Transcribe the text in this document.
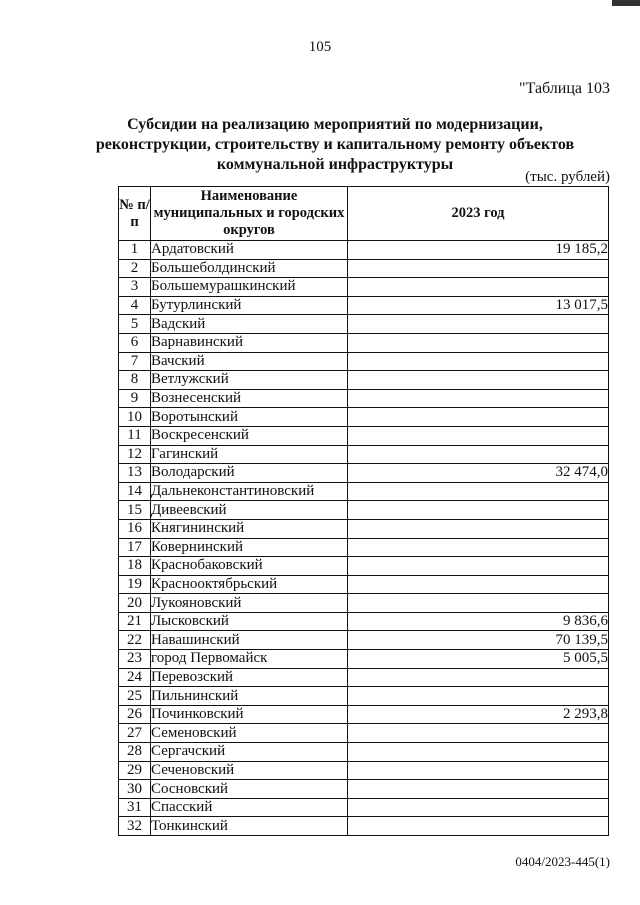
105
"Таблица 103
Субсидии на реализацию мероприятий по модернизации,
реконструкции, строительству и капитальному ремонту объектов
коммунальной инфраструктуры
(тыс. рублей)
№ п/п	Наименование муниципальных и городских округов	2023 год
1	Ардатовский	19 185,2
2	Большеболдинский	
3	Большемурашкинский	
4	Бутурлинский	13 017,5
5	Вадский	
6	Варнавинский	
7	Вачский	
8	Ветлужский	
9	Вознесенский	
10	Воротынский	
11	Воскресенский	
12	Гагинский	
13	Володарский	32 474,0
14	Дальнеконстантиновский	
15	Дивеевский	
16	Княгининский	
17	Ковернинский	
18	Краснобаковский	
19	Краснооктябрьский	
20	Лукояновский	
21	Лысковский	9 836,6
22	Навашинский	70 139,5
23	город Первомайск	5 005,5
24	Перевозский	
25	Пильнинский	
26	Починковский	2 293,8
27	Семеновский	
28	Сергачский	
29	Сеченовский	
30	Сосновский	
31	Спасский	
32	Тонкинский	
0404/2023-445(1)
